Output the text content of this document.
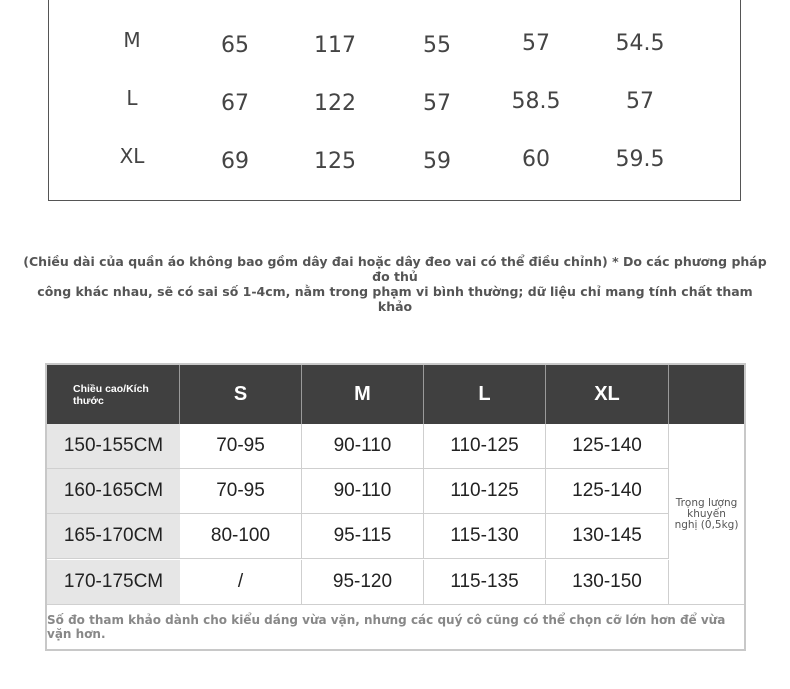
M	65	117	55	57	54.5
L	67	122	57	58.5	57
XL	69	125	59	60	59.5
(Chiều dài của quần áo không bao gồm dây đai hoặc dây đeo vai có thể điều chỉnh) * Do các phương pháp đo thủ
công khác nhau, sẽ có sai số 1-4cm, nằm trong phạm vi bình thường; dữ liệu chỉ mang tính chất tham khảo
Chiều cao/Kích
thước	S	M	L	XL
150-155CM	70-95	90-110	110-125	125-140
160-165CM	70-95	90-110	110-125	125-140
165-170CM	80-100	95-115	115-130	130-145
170-175CM	/	95-120	115-135	130-150
Trọng lượng
khuyến
nghị (0,5kg)
Số đo tham khảo dành cho kiểu dáng vừa vặn, nhưng các quý cô cũng có thể chọn cỡ lớn hơn để vừa vặn hơn.
